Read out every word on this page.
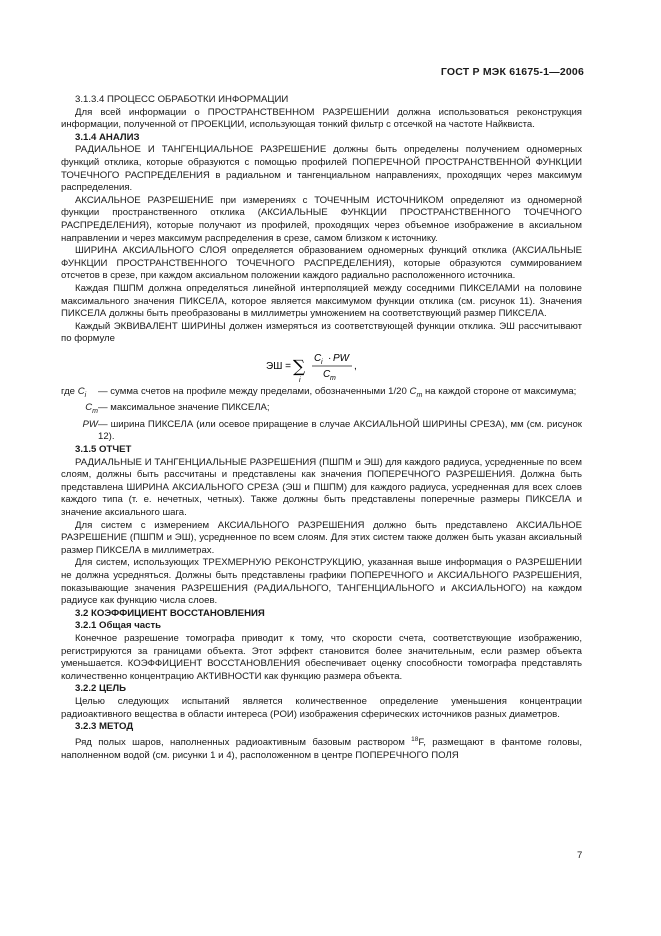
ГОСТ Р МЭК 61675-1—2006

3.1.3.4 ПРОЦЕСС ОБРАБОТКИ ИНФОРМАЦИИ

Для всей информации о ПРОСТРАНСТВЕННОМ РАЗРЕШЕНИИ должна использоваться реконструкция информации, полученной от ПРОЕКЦИИ, использующая тонкий фильтр с отсечкой на частоте Найквиста.

3.1.4 АНАЛИЗ

РАДИАЛЬНОЕ И ТАНГЕНЦИАЛЬНОЕ РАЗРЕШЕНИЕ должны быть определены получением одномерных функций отклика, которые образуются с помощью профилей ПОПЕРЕЧНОЙ ПРОСТРАНСТВЕННОЙ ФУНКЦИИ ТОЧЕЧНОГО РАСПРЕДЕЛЕНИЯ в радиальном и тангенциальном направлениях, проходящих через максимум распределения.

АКСИАЛЬНОЕ РАЗРЕШЕНИЕ при измерениях с ТОЧЕЧНЫМ ИСТОЧНИКОМ определяют из одномерной функции пространственного отклика (АКСИАЛЬНЫЕ ФУНКЦИИ ПРОСТРАНСТВЕННОГО ТОЧЕЧНОГО РАСПРЕДЕЛЕНИЯ), которые получают из профилей, проходящих через объемное изображение в аксиальном направлении и через максимум распределения в срезе, самом близком к источнику.

ШИРИНА АКСИАЛЬНОГО СЛОЯ определяется образованием одномерных функций отклика (АКСИАЛЬНЫЕ ФУНКЦИИ ПРОСТРАНСТВЕННОГО ТОЧЕЧНОГО РАСПРЕДЕЛЕНИЯ), которые образуются суммированием отсчетов в срезе, при каждом аксиальном положении каждого радиально расположенного источника.

Каждая ПШПМ должна определяться линейной интерполяцией между соседними ПИКСЕЛАМИ на половине максимального значения ПИКСЕЛА, которое является максимумом функции отклика (см. рисунок 11). Значения ПИКСЕЛА должны быть преобразованы в миллиметры умножением на соответствующий размер ПИКСЕЛА.

Каждый ЭКВИВАЛЕНТ ШИРИНЫ должен измеряться из соответствующей функции отклика. ЭШ рассчитывают по формуле

ЭШ = ∑
i
C i · PW
,
C m
где $C_i$	— сумма счетов на профиле между пределами, обозначенными 1/20 $C_m$ на каждой стороне от максимума;
$C_m$ — максимальное значение ПИКСЕЛА;
PW — ширина ПИКСЕЛА (или осевое приращение в случае АКСИАЛЬНОЙ ШИРИНЫ СРЕЗА), мм (см. рисунок 12).

3.1.5 ОТЧЕТ

РАДИАЛЬНЫЕ И ТАНГЕНЦИАЛЬНЫЕ РАЗРЕШЕНИЯ (ПШПМ и ЭШ) для каждого радиуса, усредненные по всем слоям, должны быть рассчитаны и представлены как значения ПОПЕРЕЧНОГО РАЗРЕШЕНИЯ. Должна быть представлена ШИРИНА АКСИАЛЬНОГО СРЕЗА (ЭШ и ПШПМ) для каждого радиуса, усредненная для всех слоев каждого типа (т. е. нечетных, четных). Также должны быть представлены поперечные размеры ПИКСЕЛА и значение аксиального шага.

Для систем с измерением АКСИАЛЬНОГО РАЗРЕШЕНИЯ должно быть представлено АКСИАЛЬНОЕ РАЗРЕШЕНИЕ (ПШПМ и ЭШ), усредненное по всем слоям. Для этих систем также должен быть указан аксиальный размер ПИКСЕЛА в миллиметрах.

Для систем, использующих ТРЕХМЕРНУЮ РЕКОНСТРУКЦИЮ, указанная выше информация о РАЗРЕШЕНИИ не должна усредняться. Должны быть представлены графики ПОПЕРЕЧНОГО и АКСИАЛЬНОГО РАЗРЕШЕНИЯ, показывающие значения РАЗРЕШЕНИЯ (РАДИАЛЬНОГО, ТАНГЕНЦИАЛЬНОГО и АКСИАЛЬНОГО) на каждом радиусе как функцию числа слоев.

3.2 КОЭФФИЦИЕНТ ВОССТАНОВЛЕНИЯ

3.2.1 Общая часть

Конечное разрешение томографа приводит к тому, что скорости счета, соответствующие изображению, регистрируются за границами объекта. Этот эффект становится более значительным, если размер объекта уменьшается. КОЭФФИЦИЕНТ ВОССТАНОВЛЕНИЯ обеспечивает оценку способности томографа представлять количественно концентрацию АКТИВНОСТИ как функцию размера объекта.

3.2.2 ЦЕЛЬ

Целью следующих испытаний является количественное определение уменьшения концентрации радиоактивного вещества в области интереса (РОИ) изображения сферических источников разных диаметров.

3.2.3 МЕТОД

Ряд полых шаров, наполненных радиоактивным базовым раствором $^{18}$F, размещают в фантоме головы, наполненном водой (см. рисунки 1 и 4), расположенном в центре ПОПЕРЕЧНОГО ПОЛЯ

7
